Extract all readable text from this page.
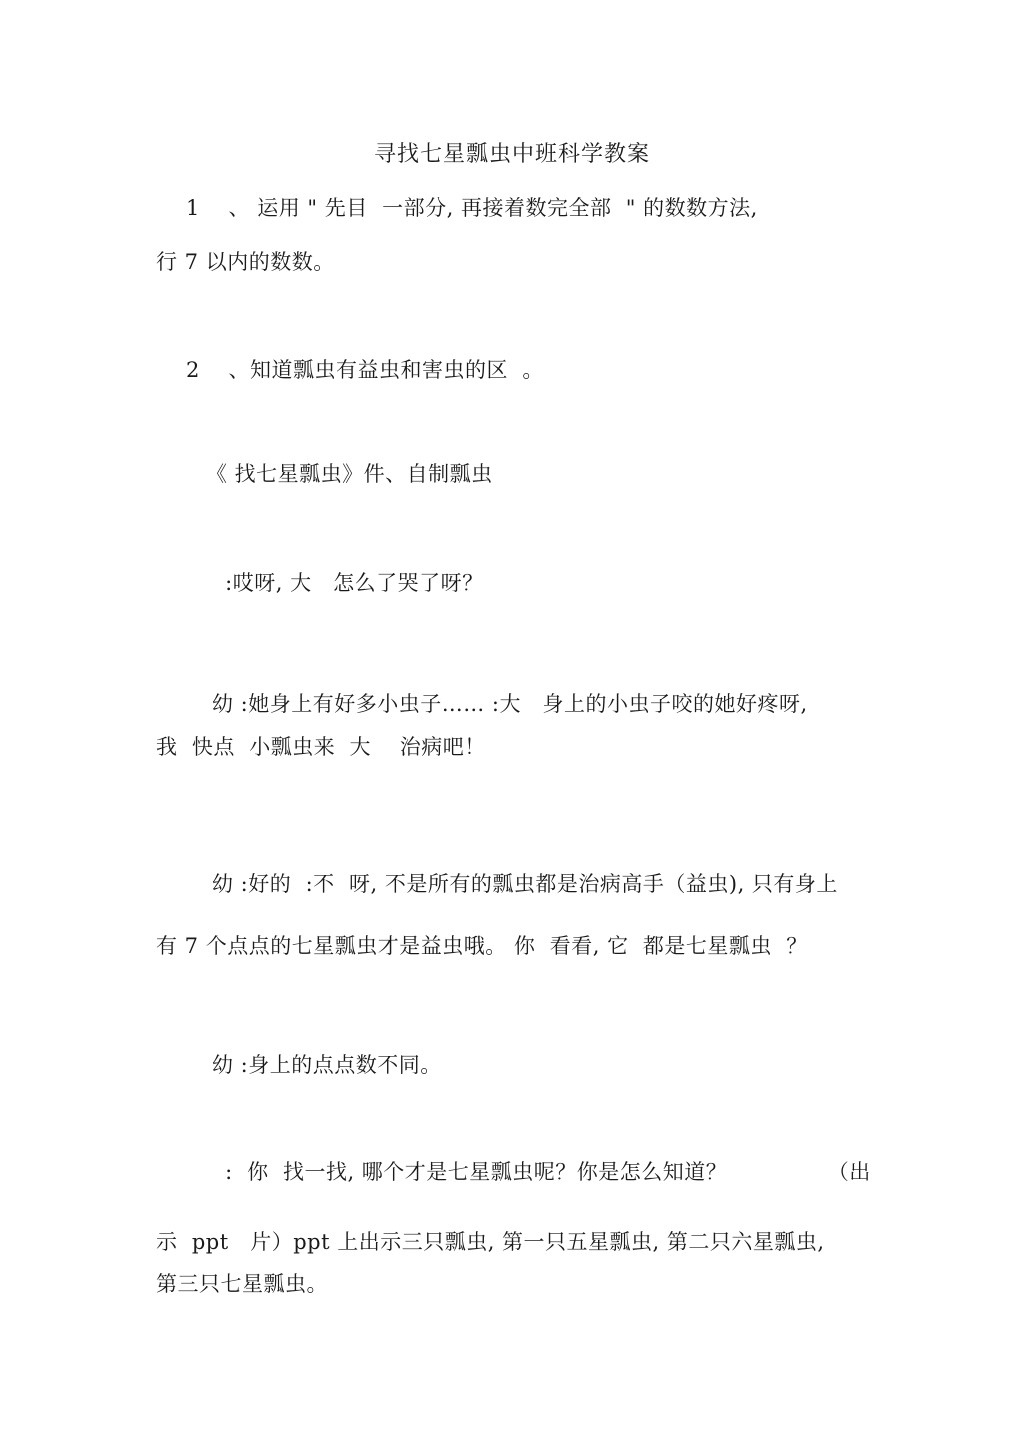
寻找七星瓢虫中班科学教案
1    、 运用 " 先目  一部分, 再接着数完全部  " 的数数方法,
行 7 以内的数数。
2    、知道瓢虫有益虫和害虫的区  。
《 找七星瓢虫》件、自制瓢虫
:哎呀, 大   怎么了哭了呀？
幼 :她身上有好多小虫子…… :大   身上的小虫子咬的她好疼呀,
我  快点  小瓢虫来  大    治病吧！
幼 :好的  :不  呀, 不是所有的瓢虫都是治病高手（益虫), 只有身上
有 7 个点点的七星瓢虫才是益虫哦。 你  看看, 它  都是七星瓢虫  ？
幼 :身上的点点数不同。
:  你  找一找, 哪个才是七星瓢虫呢？你是怎么知道？              （出
示  ppt   片）ppt 上出示三只瓢虫, 第一只五星瓢虫, 第二只六星瓢虫,
第三只七星瓢虫。
